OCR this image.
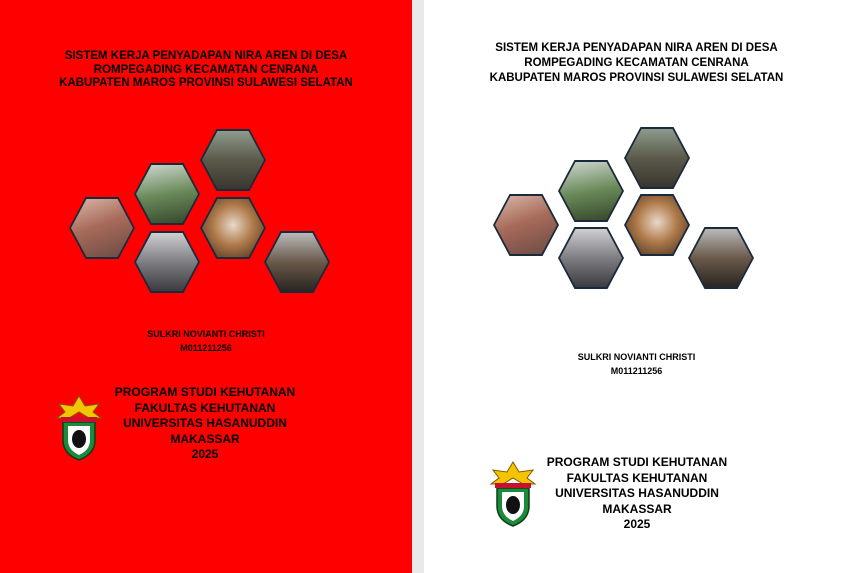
SISTEM KERJA PENYADAPAN NIRA AREN DI DESA
ROMPEGADING KECAMATAN CENRANA
KABUPATEN MAROS PROVINSI SULAWESI SELATAN
SULKRI NOVIANTI CHRISTI
M011211256
PROGRAM STUDI KEHUTANAN
FAKULTAS KEHUTANAN
UNIVERSITAS HASANUDDIN
MAKASSAR
2025
SISTEM KERJA PENYADAPAN NIRA AREN DI DESA
ROMPEGADING KECAMATAN CENRANA
KABUPATEN MAROS PROVINSI SULAWESI SELATAN
SULKRI NOVIANTI CHRISTI
M011211256
PROGRAM STUDI KEHUTANAN
FAKULTAS KEHUTANAN
UNIVERSITAS HASANUDDIN
MAKASSAR
2025
